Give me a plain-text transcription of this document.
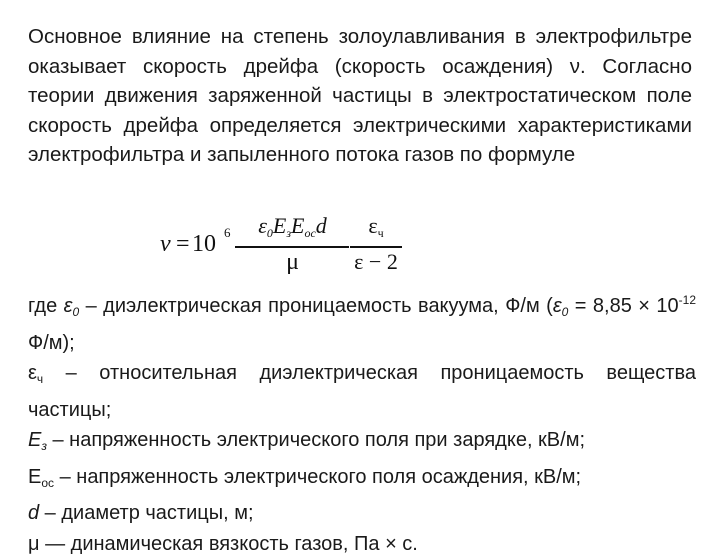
Основное влияние на степень золоулавливания в электрофильтре оказывает скорость дрейфа (скорость осаждения) ν. Согласно теории движения заряженной частицы в электростатическом поле скорость дрейфа определяется электрическими характеристиками электрофильтра и запыленного потока газов по формуле

ν = 10 6	$\varepsilon_0E_зE_{ос}d$
μ
$\varepsilon_ч$
ε − 2

где $\varepsilon_0$ – диэлектрическая проницаемость вакуума, Ф/м ($\varepsilon_0 = 8,85 \times 10^{-12}$ Ф/м);

$\varepsilon_ч$ – относительная диэлектрическая проницаемость вещества частицы;

$E_з$ – напряженность электрического поля при зарядке, кВ/м;

$E_{ос}$ – напряженность электрического поля осаждения, кВ/м;

d – диаметр частицы, м;

μ — динамическая вязкость газов, Па × с.
